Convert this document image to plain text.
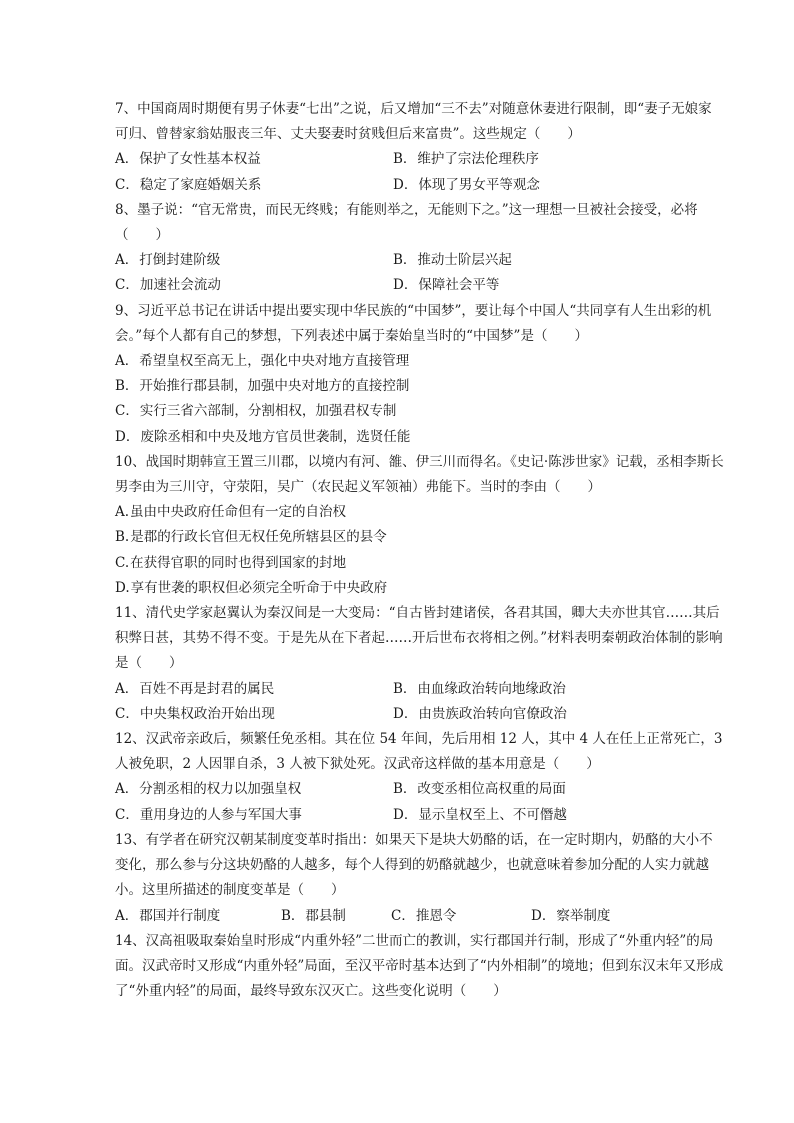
7、中国商周时期便有男子休妻“七出”之说，后又增加“三不去”对随意休妻进行限制，即“妻子无娘家可归、曾替家翁姑服丧三年、丈夫娶妻时贫贱但后来富贵”。这些规定（　　）

A．保护了女性基本权益	B．维护了宗法伦理秩序
C．稳定了家庭婚姻关系	D．体现了男女平等观念

8、墨子说：“官无常贵，而民无终贱；有能则举之，无能则下之。”这一理想一旦被社会接受，必将（　　）

A．打倒封建阶级	B．推动士阶层兴起
C．加速社会流动	D．保障社会平等

9、习近平总书记在讲话中提出要实现中华民族的“中国梦”，要让每个中国人“共同享有人生出彩的机会。”每个人都有自己的梦想，下列表述中属于秦始皇当时的“中国梦”是（　　）

A．希望皇权至高无上，强化中央对地方直接管理
B．开始推行郡县制，加强中央对地方的直接控制
C．实行三省六部制，分割相权，加强君权专制
D．废除丞相和中央及地方官员世袭制，选贤任能

10、战国时期韩宣王置三川郡，以境内有河、雒、伊三川而得名。《史记·陈涉世家》记载，丞相李斯长男李由为三川守，守荥阳，吴广（农民起义军领袖）弗能下。当时的李由（　　）

A.虽由中央政府任命但有一定的自治权
B.是郡的行政长官但无权任免所辖县区的县令
C.在获得官职的同时也得到国家的封地
D.享有世袭的职权但必须完全听命于中央政府

11、清代史学家赵翼认为秦汉间是一大变局：“自古皆封建诸侯，各君其国，卿大夫亦世其官……其后积弊日甚，其势不得不变。于是先从在下者起……开后世布衣将相之例。”材料表明秦朝政治体制的影响是（　　）

A．百姓不再是封君的属民	B．由血缘政治转向地缘政治
C．中央集权政治开始出现	D．由贵族政治转向官僚政治

12、汉武帝亲政后，频繁任免丞相。其在位 54 年间，先后用相 12 人，其中 4 人在任上正常死亡，3 人被免职，2 人因罪自杀，3 人被下狱处死。汉武帝这样做的基本用意是（　　）

A．分割丞相的权力以加强皇权	B．改变丞相位高权重的局面
C．重用身边的人参与军国大事	D．显示皇权至上、不可僭越

13、有学者在研究汉朝某制度变革时指出：如果天下是块大奶酪的话，在一定时期内，奶酪的大小不变化，那么参与分这块奶酪的人越多，每个人得到的奶酪就越少，也就意味着参加分配的人实力就越小。这里所描述的制度变革是（　　）

A．郡国并行制度	B．郡县制	C．推恩令	D．察举制度

14、汉高祖吸取秦始皇时形成“内重外轻”二世而亡的教训，实行郡国并行制，形成了“外重内轻”的局面。汉武帝时又形成“内重外轻”局面，至汉平帝时基本达到了“内外相制”的境地；但到东汉末年又形成了“外重内轻”的局面，最终导致东汉灭亡。这些变化说明（　　）
